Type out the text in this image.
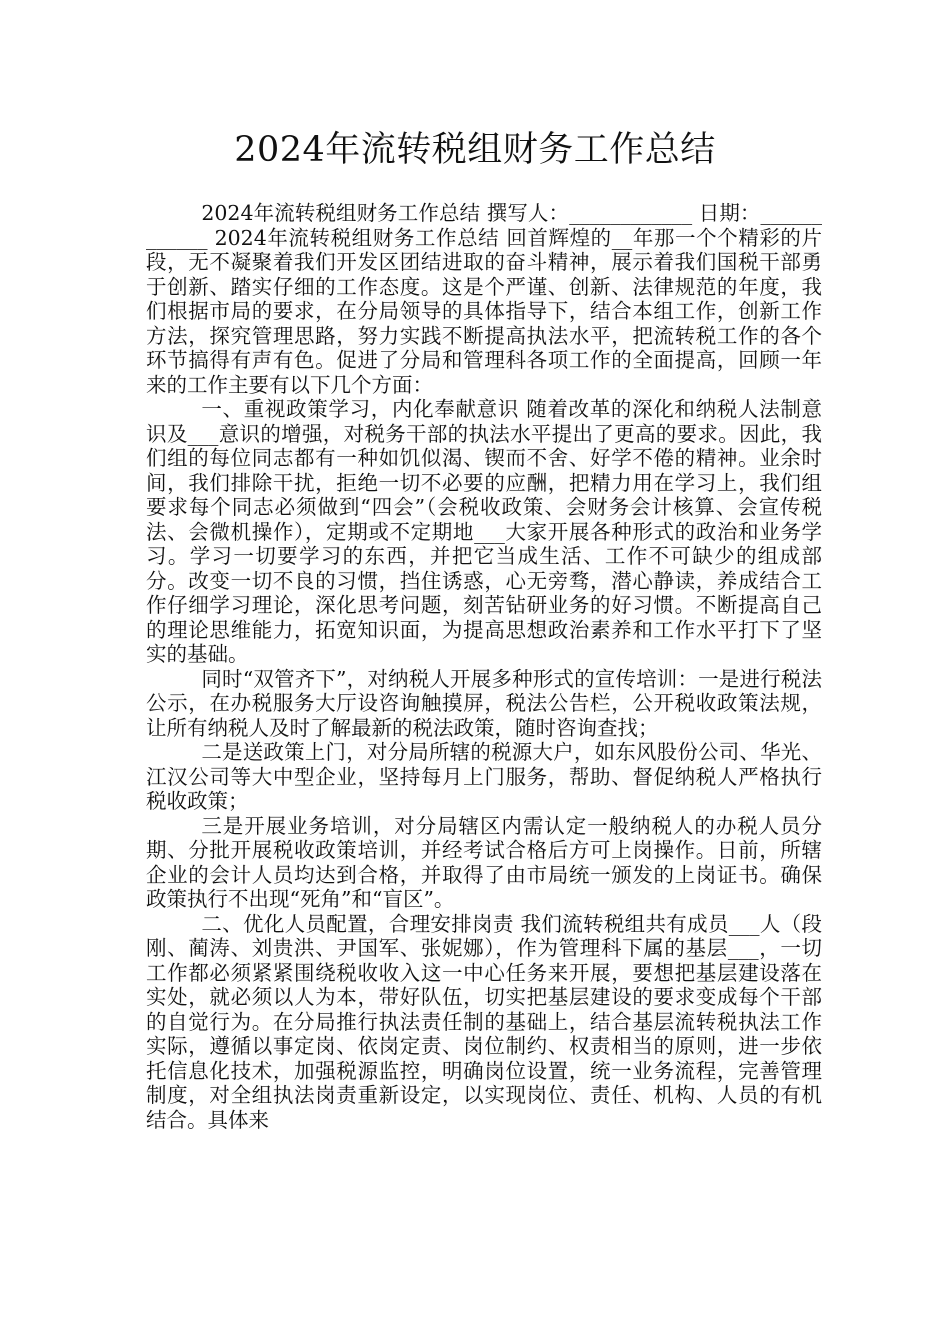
2024年流转税组财务工作总结

2024年流转税组财务工作总结 撰写人：____________ 日期：____________ 2024年流转税组财务工作总结 回首辉煌的__年那一个个精彩的片段，无不凝聚着我们开发区团结进取的奋斗精神，展示着我们国税干部勇于创新、踏实仔细的工作态度。这是个严谨、创新、法律规范的年度，我们根据市局的要求，在分局领导的具体指导下，结合本组工作，创新工作方法，探究管理思路，努力实践不断提高执法水平，把流转税工作的各个环节搞得有声有色。促进了分局和管理科各项工作的全面提高，回顾一年来的工作主要有以下几个方面：

一、重视政策学习，内化奉献意识 随着改革的深化和纳税人法制意识及___意识的增强，对税务干部的执法水平提出了更高的要求。因此，我们组的每位同志都有一种如饥似渴、锲而不舍、好学不倦的精神。业余时间，我们排除干扰，拒绝一切不必要的应酬，把精力用在学习上，我们组要求每个同志必须做到“四会”（会税收政策、会财务会计核算、会宣传税法、会微机操作），定期或不定期地___大家开展各种形式的政治和业务学习。学习一切要学习的东西，并把它当成生活、工作不可缺少的组成部分。改变一切不良的习惯，挡住诱惑，心无旁骛，潜心静读，养成结合工作仔细学习理论，深化思考问题，刻苦钻研业务的好习惯。不断提高自己的理论思维能力，拓宽知识面，为提高思想政治素养和工作水平打下了坚实的基础。

同时“双管齐下”，对纳税人开展多种形式的宣传培训：一是进行税法公示，在办税服务大厅设咨询触摸屏，税法公告栏，公开税收政策法规，让所有纳税人及时了解最新的税法政策，随时咨询查找；

二是送政策上门，对分局所辖的税源大户，如东风股份公司、华光、江汉公司等大中型企业，坚持每月上门服务，帮助、督促纳税人严格执行税收政策；

三是开展业务培训，对分局辖区内需认定一般纳税人的办税人员分期、分批开展税收政策培训，并经考试合格后方可上岗操作。日前，所辖企业的会计人员均达到合格，并取得了由市局统一颁发的上岗证书。确保政策执行不出现“死角”和“盲区”。

二、优化人员配置，合理安排岗责 我们流转税组共有成员___人（段刚、蔺涛、刘贵洪、尹国军、张妮娜），作为管理科下属的基层___，一切工作都必须紧紧围绕税收收入这一中心任务来开展，要想把基层建设落在实处，就必须以人为本，带好队伍，切实把基层建设的要求变成每个干部的自觉行为。在分局推行执法责任制的基础上，结合基层流转税执法工作实际，遵循以事定岗、依岗定责、岗位制约、权责相当的原则，进一步依托信息化技术，加强税源监控，明确岗位设置，统一业务流程，完善管理制度，对全组执法岗责重新设定，以实现岗位、责任、机构、人员的有机结合。具体来
